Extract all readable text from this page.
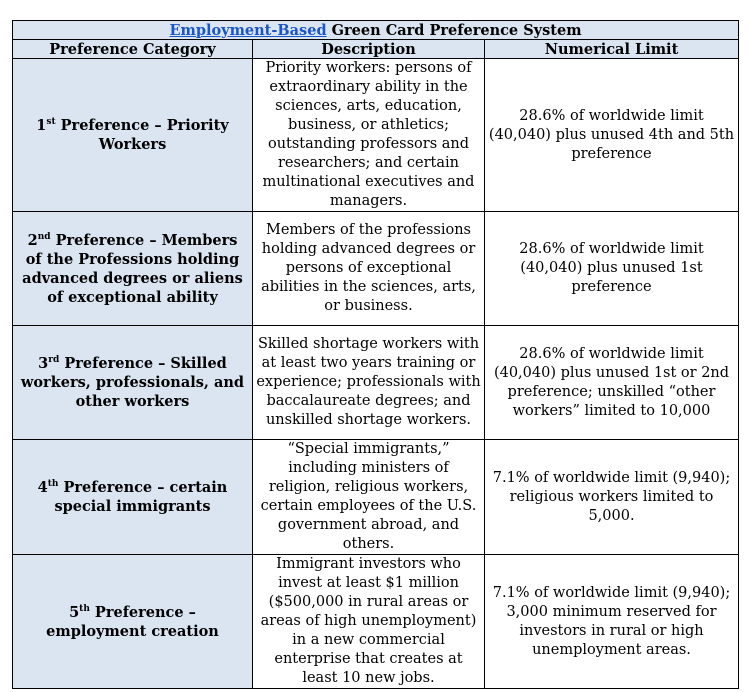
Employment-Based Green Card Preference System		
Preference Category	Description	Numerical Limit
1st Preference – Priority Workers	Priority workers: persons of extraordinary ability in the sciences, arts, education, business, or athletics; outstanding professors and researchers; and certain multinational executives and managers.	28.6% of worldwide limit (40,040) plus unused 4th and 5th preference
2nd Preference – Members of the Professions holding advanced degrees or aliens of exceptional ability	Members of the professions holding advanced degrees or persons of exceptional abilities in the sciences, arts, or business.	28.6% of worldwide limit (40,040) plus unused 1st preference
3rd Preference – Skilled workers, professionals, and other workers	Skilled shortage workers with at least two years training or experience; professionals with baccalaureate degrees; and unskilled shortage workers.	28.6% of worldwide limit (40,040) plus unused 1st or 2nd preference; unskilled “other workers” limited to 10,000
4th Preference – certain special immigrants	“Special immigrants,” including ministers of religion, religious workers, certain employees of the U.S. government abroad, and others.	7.1% of worldwide limit (9,940); religious workers limited to 5,000.
5th Preference – employment creation	Immigrant investors who invest at least $1 million ($500,000 in rural areas or areas of high unemployment) in a new commercial enterprise that creates at least 10 new jobs.	7.1% of worldwide limit (9,940); 3,000 minimum reserved for investors in rural or high unemployment areas.
